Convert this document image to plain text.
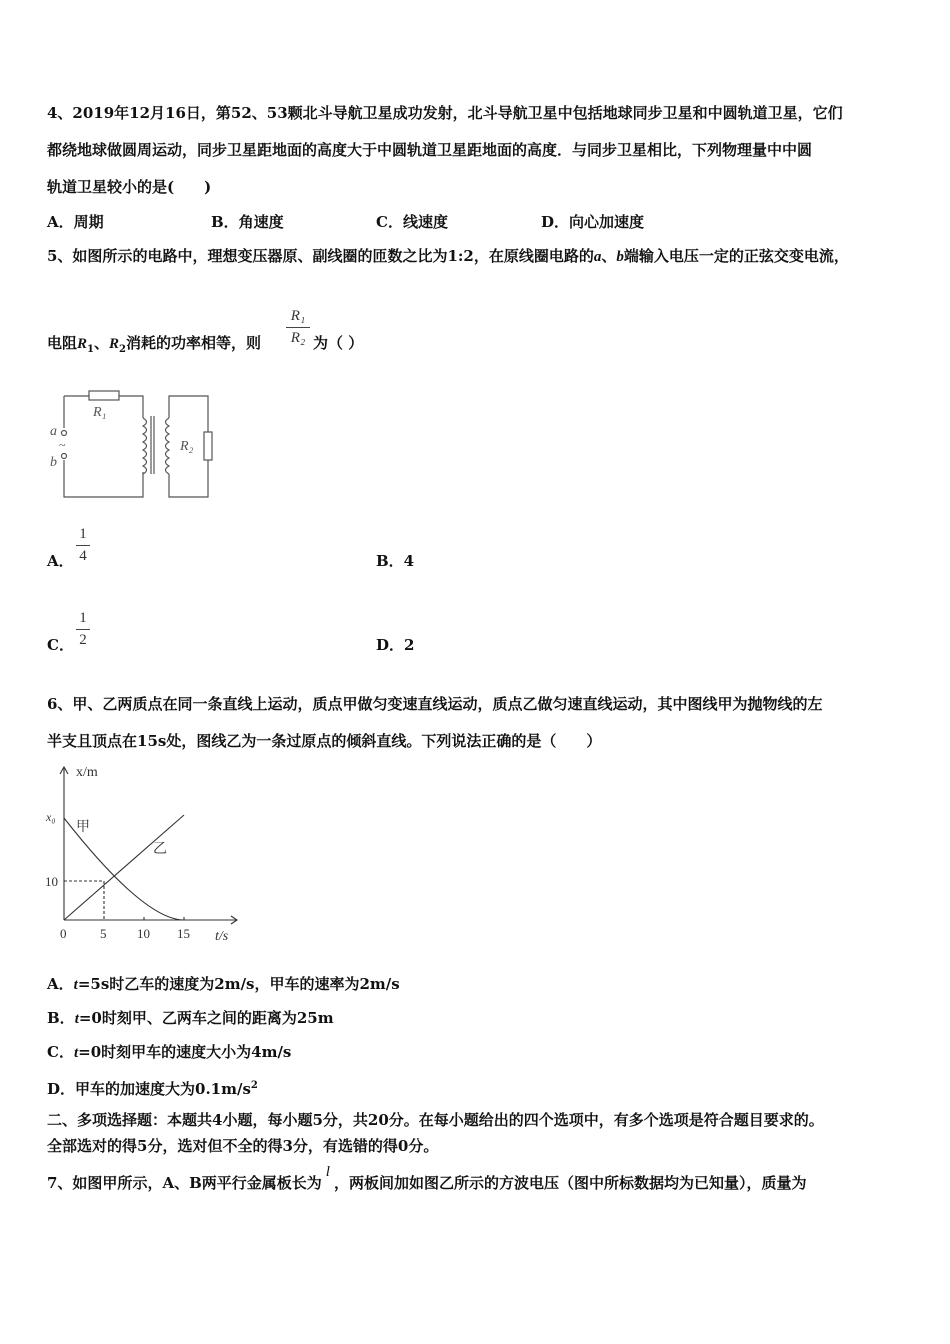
4、2019年12月16日，第52、53颗北斗导航卫星成功发射，北斗导航卫星中包括地球同步卫星和中圆轨道卫星，它们
都绕地球做圆周运动，同步卫星距地面的高度大于中圆轨道卫星距地面的高度．与同步卫星相比，下列物理量中中圆
轨道卫星较小的是(　　)
A．周期	B．角速度	C．线速度	D．向心加速度
5、如图所示的电路中，理想变压器原、副线圈的匝数之比为1:2，在原线圈电路的a、b端输入电压一定的正弦交变电流，
电阻$R_1$、$R_2$消耗的功率相等，则
R₁
R₂ 为（ ）
R₁
R₂
a
b
~
A．
1
4	B．4
C．
1
2	D．2
6、甲、乙两质点在同一条直线上运动，质点甲做匀变速直线运动，质点乙做匀速直线运动，其中图线甲为抛物线的左
半支且顶点在15s处，图线乙为一条过原点的倾斜直线。下列说法正确的是（　　）
x/m
t/s
x₀
甲
乙
10
0	5 10 15
A．t=5s时乙车的速度为2m/s，甲车的速率为2m/s
B．t=0时刻甲、乙两车之间的距离为25m
C．t=0时刻甲车的速度大小为4m/s
D．甲车的加速度大为$0.1m/s^2$
二、多项选择题：本题共4小题，每小题5分，共20分。在每小题给出的四个选项中，有多个选项是符合题目要求的。
全部选对的得5分，选对但不全的得3分，有选错的得0分。
7、如图甲所示，A、B两平行金属板长为l，两板间加如图乙所示的方波电压（图中所标数据均为已知量），质量为
